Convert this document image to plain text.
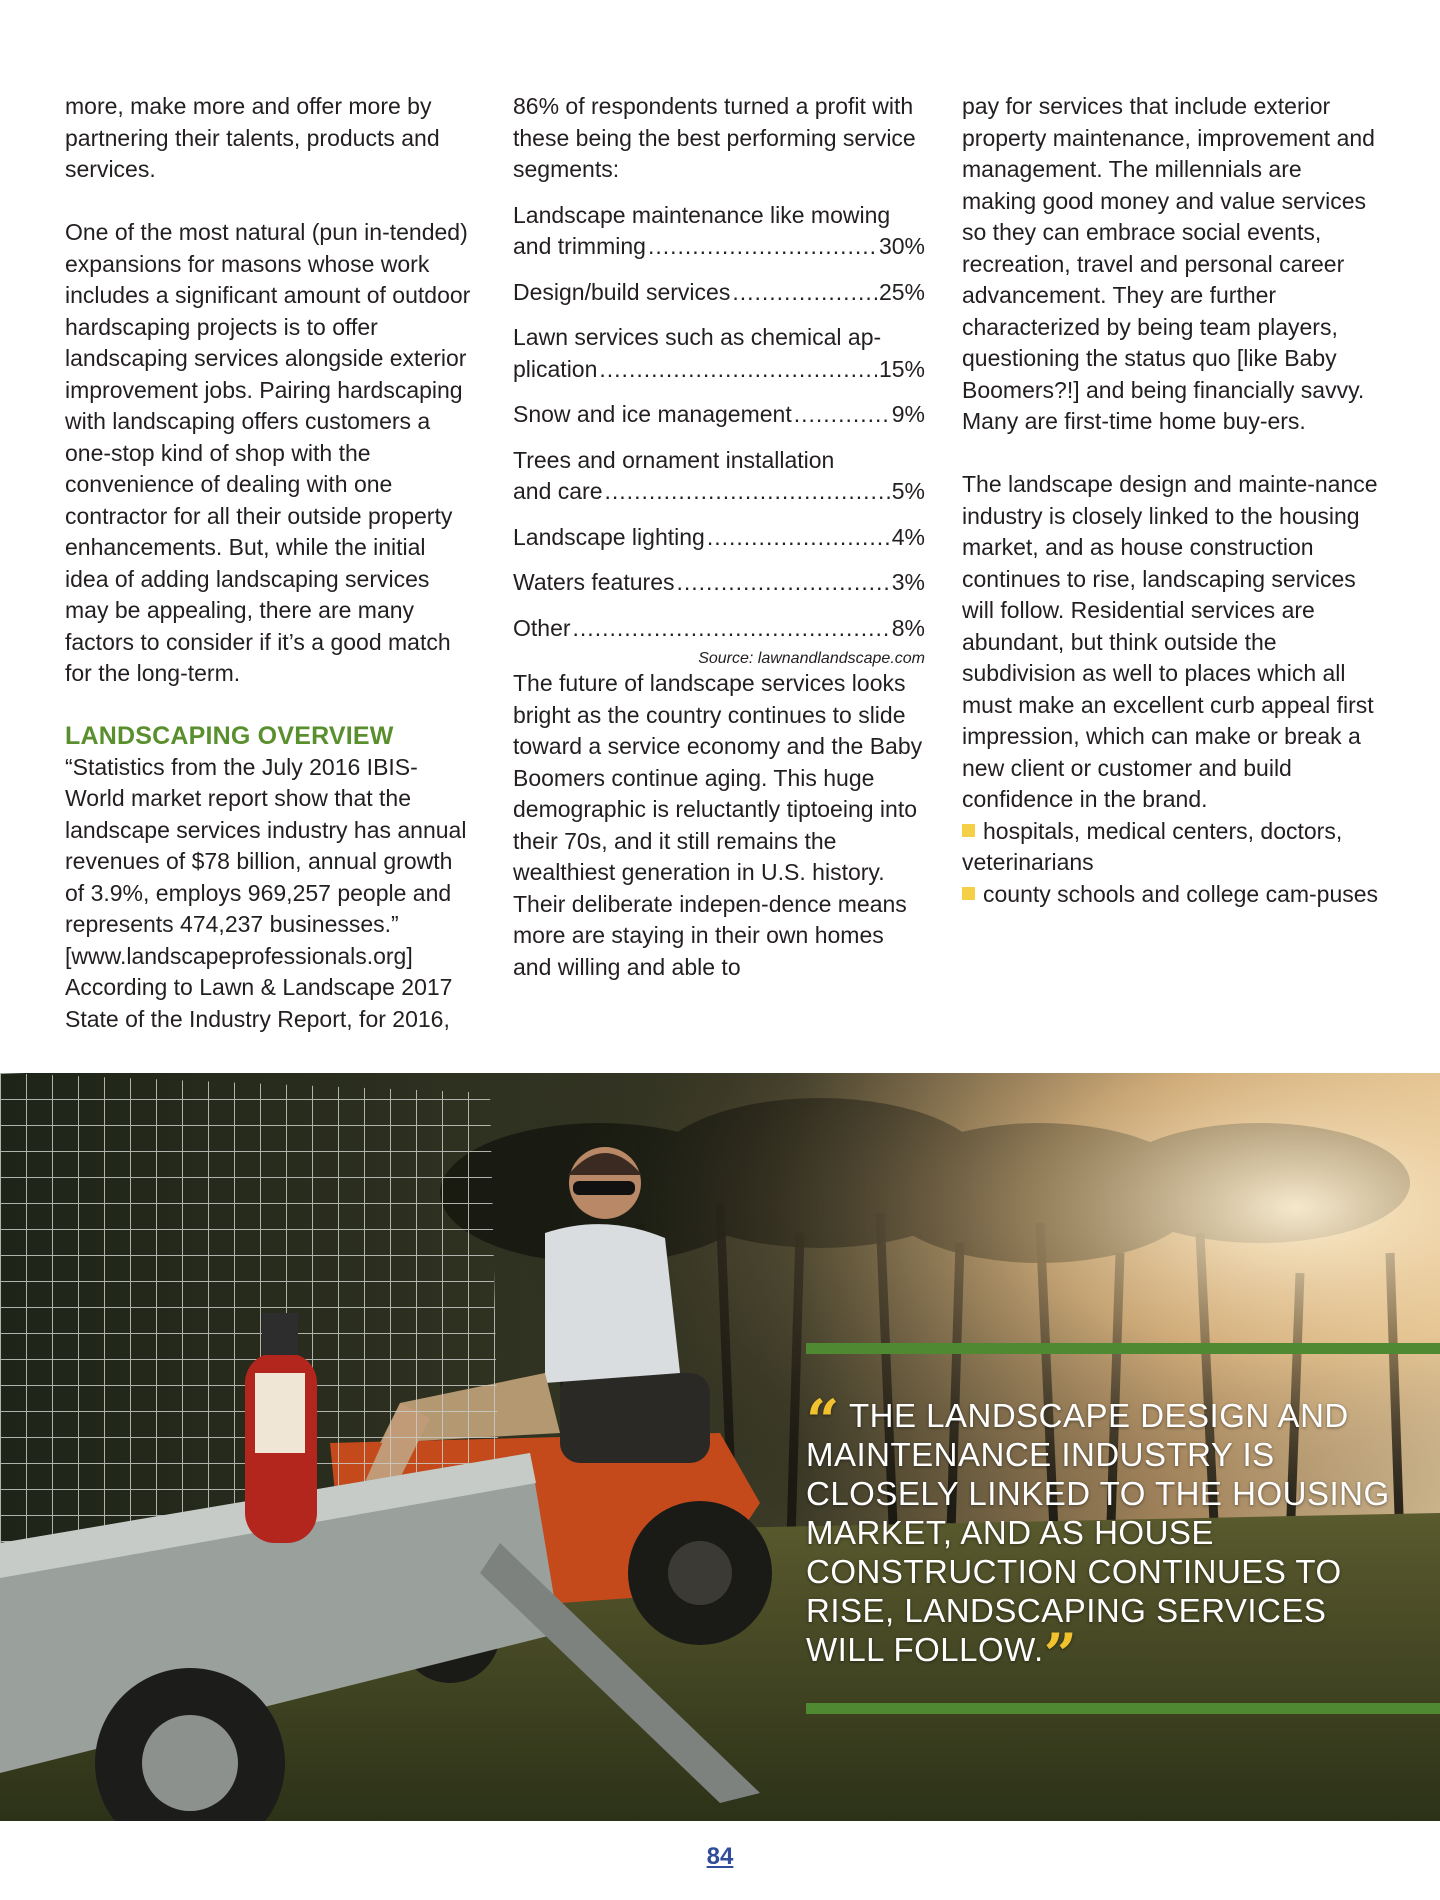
more, make more and offer more by partnering their talents, products and services.

One of the most natural (pun in-tended) expansions for masons whose work includes a significant amount of outdoor hardscaping projects is to offer landscaping services alongside exterior improvement jobs. Pairing hardscaping with landscaping offers customers a one-stop kind of shop with the convenience of dealing with one contractor for all their outside property enhancements. But, while the initial idea of adding landscaping services may be appealing, there are many factors to consider if it’s a good match for the long-term.

LANDSCAPING OVERVIEW

“Statistics from the July 2016 IBIS-World market report show that the landscape services industry has annual revenues of $78 billion, annual growth of 3.9%, employs 969,257 people and represents 474,237 businesses.” [www.landscapeprofessionals.org] According to Lawn & Landscape 2017 State of the Industry Report, for 2016,

86% of respondents turned a profit with these being the best performing service segments:

Landscape maintenance like mowing
and trimming .....	30%
Design/build services .....	25%
Lawn services such as chemical ap-
plication .....	15%
Snow and ice management .....	9%
Trees and ornament installation
and care .....	5%
Landscape lighting .....	4%
Waters features .....	3%
Other .....	8%
Source: lawnandlandscape.com

The future of landscape services looks bright as the country continues to slide toward a service economy and the Baby Boomers continue aging. This huge demographic is reluctantly tiptoeing into their 70s, and it still remains the wealthiest generation in U.S. history. Their deliberate indepen-dence means more are staying in their own homes and willing and able to

pay for services that include exterior property maintenance, improvement and management. The millennials are making good money and value services so they can embrace social events, recreation, travel and personal career advancement. They are further characterized by being team players, questioning the status quo [like Baby Boomers?!] and being financially savvy. Many are first-time home buy-ers.

The landscape design and mainte-nance industry is closely linked to the housing market, and as house construction continues to rise, landscaping services will follow. Residential services are abundant, but think outside the subdivision as well to places which all must make an excellent curb appeal first impression, which can make or break a new client or customer and build confidence in the brand.

hospitals, medical centers, doctors, veterinarians

county schools and college cam-puses

“ THE LANDSCAPE DESIGN AND MAINTENANCE INDUSTRY IS CLOSELY LINKED TO THE HOUSING MARKET, AND AS HOUSE CONSTRUCTION CONTINUES TO RISE, LANDSCAPING SERVICES WILL FOLLOW.”
84
